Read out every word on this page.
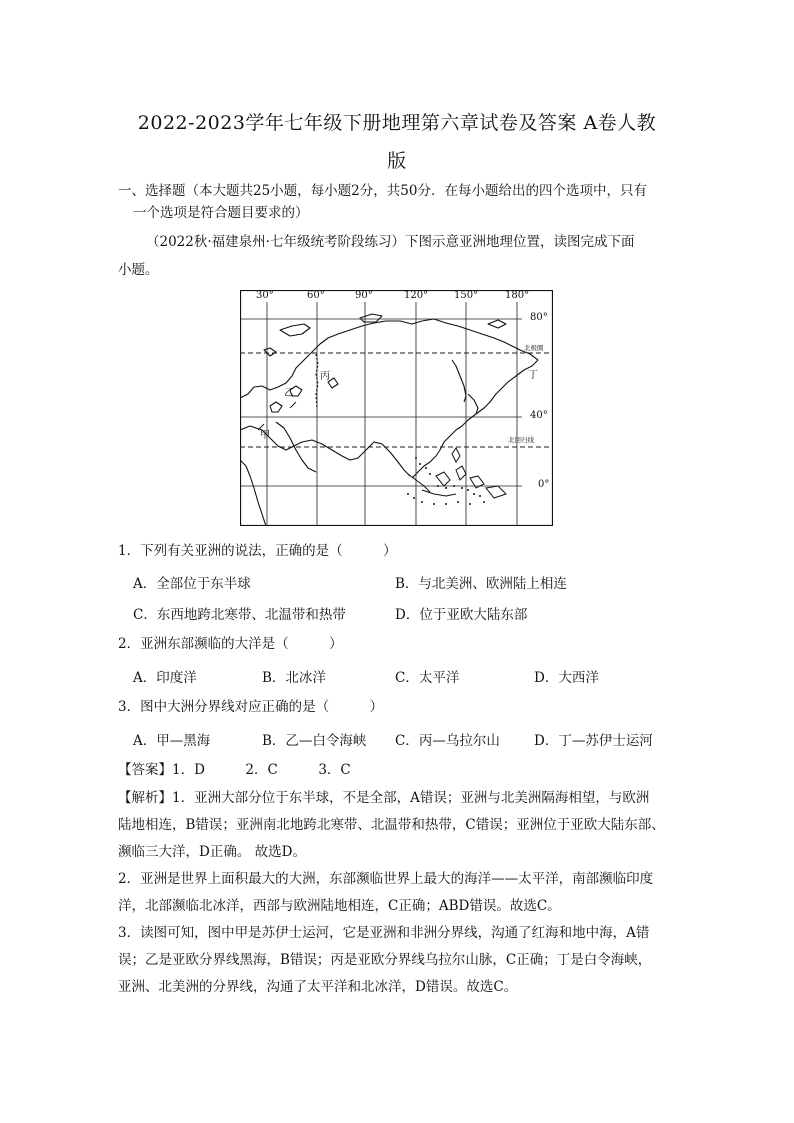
2022-2023学年七年级下册地理第六章试卷及答案 A卷人教
版
一、选择题（本大题共25小题，每小题2分，共50分．在每小题给出的四个选项中，只有
一个选项是符合题目要求的）
（2022秋·福建泉州·七年级统考阶段练习）下图示意亚洲地理位置，读图完成下面
小题。
30°	60°	90°	120°	150°	180°
80°
40°
0°
北极圈
北回归线
甲
乙
丙	丁
1．下列有关亚洲的说法，正确的是（　　　）
A．全部位于东半球	B．与北美洲、欧洲陆上相连
C．东西地跨北寒带、北温带和热带	D．位于亚欧大陆东部
2．亚洲东部濒临的大洋是（　　　）
A．印度洋	B．北冰洋	C．太平洋	D．大西洋
3．图中大洲分界线对应正确的是（　　　）
A．甲—黑海	B．乙—白令海峡 C．丙—乌拉尔山	D．丁—苏伊士运河
【答案】1．D　　　2．C　　　3．C
【解析】1．亚洲大部分位于东半球，不是全部，A错误；亚洲与北美洲隔海相望，与欧洲
陆地相连，B错误；亚洲南北地跨北寒带、北温带和热带，C错误；亚洲位于亚欧大陆东部、
濒临三大洋，D正确。 故选D。
2．亚洲是世界上面积最大的大洲，东部濒临世界上最大的海洋——太平洋，南部濒临印度
洋，北部濒临北冰洋，西部与欧洲陆地相连，C正确；ABD错误。故选C。
3．读图可知，图中甲是苏伊士运河，它是亚洲和非洲分界线，沟通了红海和地中海，A错
误；乙是亚欧分界线黑海，B错误；丙是亚欧分界线乌拉尔山脉，C正确；丁是白令海峡，
亚洲、北美洲的分界线，沟通了太平洋和北冰洋，D错误。故选C。
